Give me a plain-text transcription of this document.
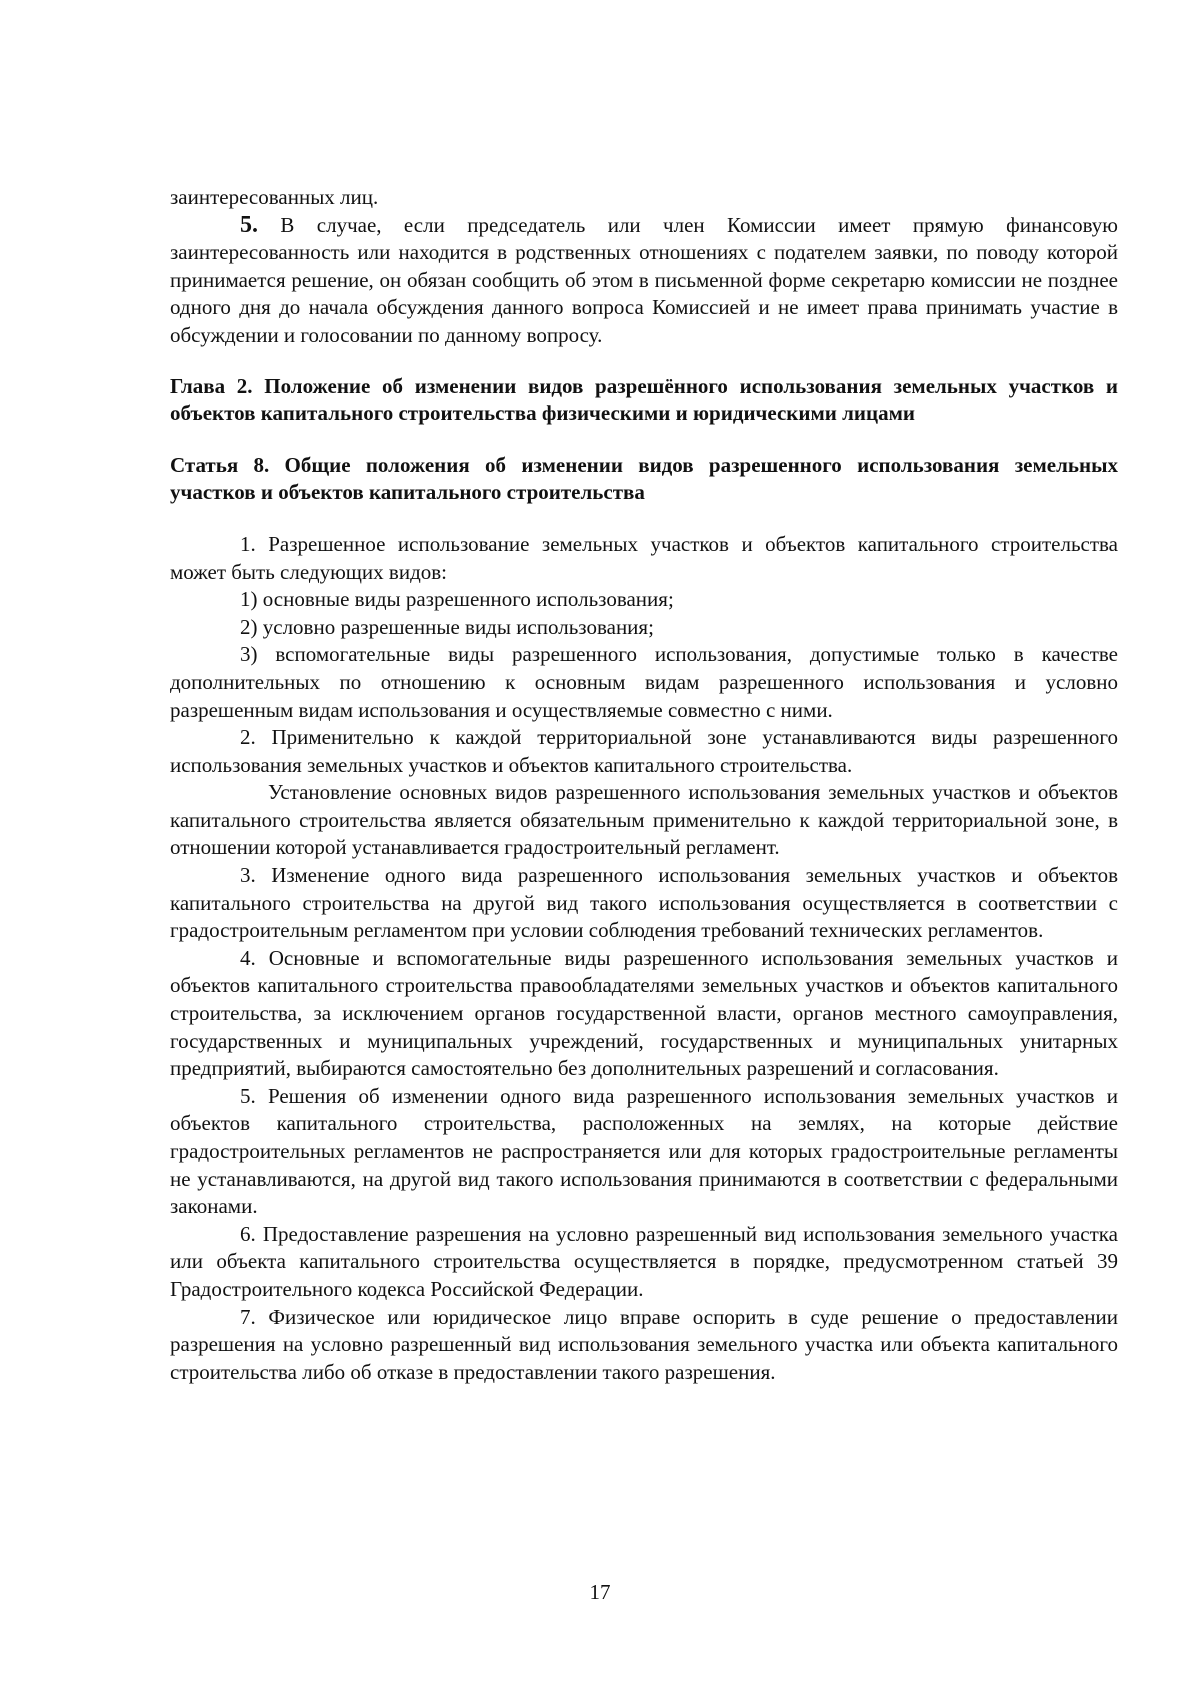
заинтересованных лиц.

5. В случае, если председатель или член Комиссии имеет прямую финансовую заинтересованность или находится в родственных отношениях с подателем заявки, по поводу которой принимается решение, он обязан сообщить об этом в письменной форме секретарю комиссии не позднее одного дня до начала обсуждения данного вопроса Комиссией и не имеет права принимать участие в обсуждении и голосовании по данному вопросу.

Глава 2. Положение об изменении видов разрешённого использования земельных участков и объектов капитального строительства физическими и юридическими лицами

Статья 8. Общие положения об изменении видов разрешенного использования земельных участков и объектов капитального строительства

1. Разрешенное использование земельных участков и объектов капитального строительства может быть следующих видов:

1) основные виды разрешенного использования;

2) условно разрешенные виды использования;

3) вспомогательные виды разрешенного использования, допустимые только в качестве дополнительных по отношению к основным видам разрешенного использования и условно разрешенным видам использования и осуществляемые совместно с ними.

2. Применительно к каждой территориальной зоне устанавливаются виды разрешенного использования земельных участков и объектов капитального строительства.

Установление основных видов разрешенного использования земельных участков и объектов капитального строительства является обязательным применительно к каждой территориальной зоне, в отношении которой устанавливается градостроительный регламент.

3. Изменение одного вида разрешенного использования земельных участков и объектов капитального строительства на другой вид такого использования осуществляется в соответствии с градостроительным регламентом при условии соблюдения требований технических регламентов.

4. Основные и вспомогательные виды разрешенного использования земельных участков и объектов капитального строительства правообладателями земельных участков и объектов капитального строительства, за исключением органов государственной власти, органов местного самоуправления, государственных и муниципальных учреждений, государственных и муниципальных унитарных предприятий, выбираются самостоятельно без дополнительных разрешений и согласования.

5. Решения об изменении одного вида разрешенного использования земельных участков и объектов капитального строительства, расположенных на землях, на которые действие градостроительных регламентов не распространяется или для которых градостроительные регламенты не устанавливаются, на другой вид такого использования принимаются в соответствии с федеральными законами.

6. Предоставление разрешения на условно разрешенный вид использования земельного участка или объекта капитального строительства осуществляется в порядке, предусмотренном статьей 39 Градостроительного кодекса Российской Федерации.

7. Физическое или юридическое лицо вправе оспорить в суде решение о предоставлении разрешения на условно разрешенный вид использования земельного участка или объекта капитального строительства либо об отказе в предоставлении такого разрешения.

17
